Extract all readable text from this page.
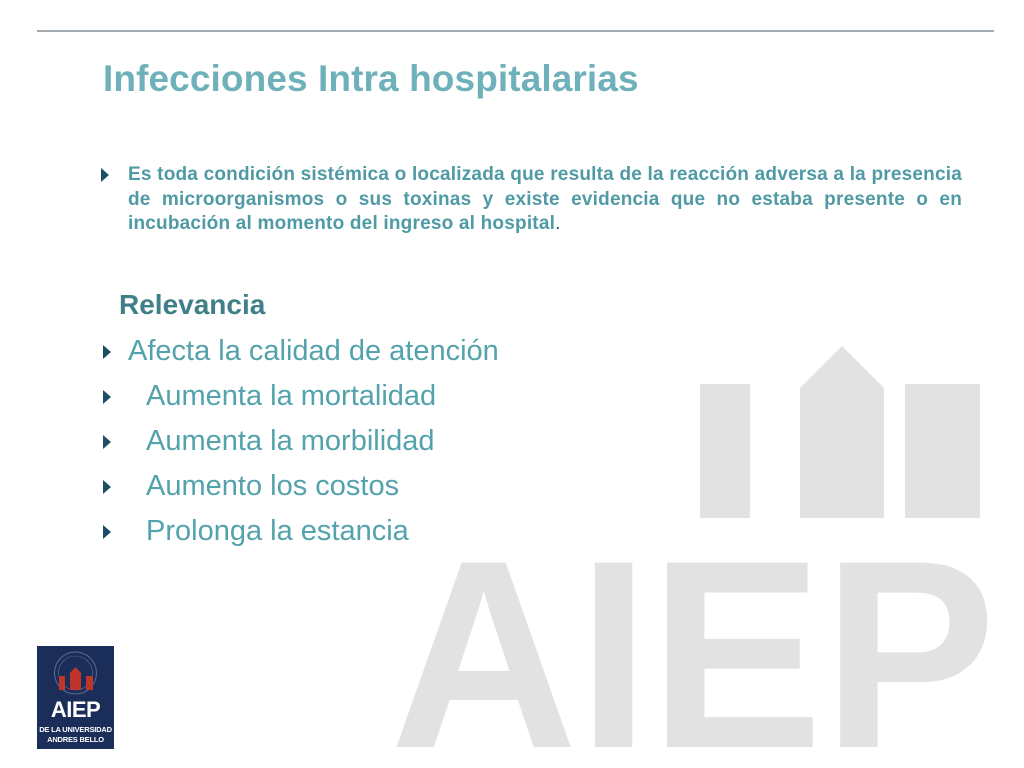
Infecciones Intra hospitalarias

Es toda condición sistémica o localizada que resulta de la reacción adversa a la presencia de microorganismos o sus toxinas y existe evidencia que no estaba presente o en incubación al momento del ingreso al hospital.

AIEP
Relevancia
Afecta la calidad de atención
Aumenta la mortalidad
Aumenta la morbilidad
Aumento los costos
Prolonga la estancia
AIEP
DE LA UNIVERSIDAD
ANDRES BELLO
